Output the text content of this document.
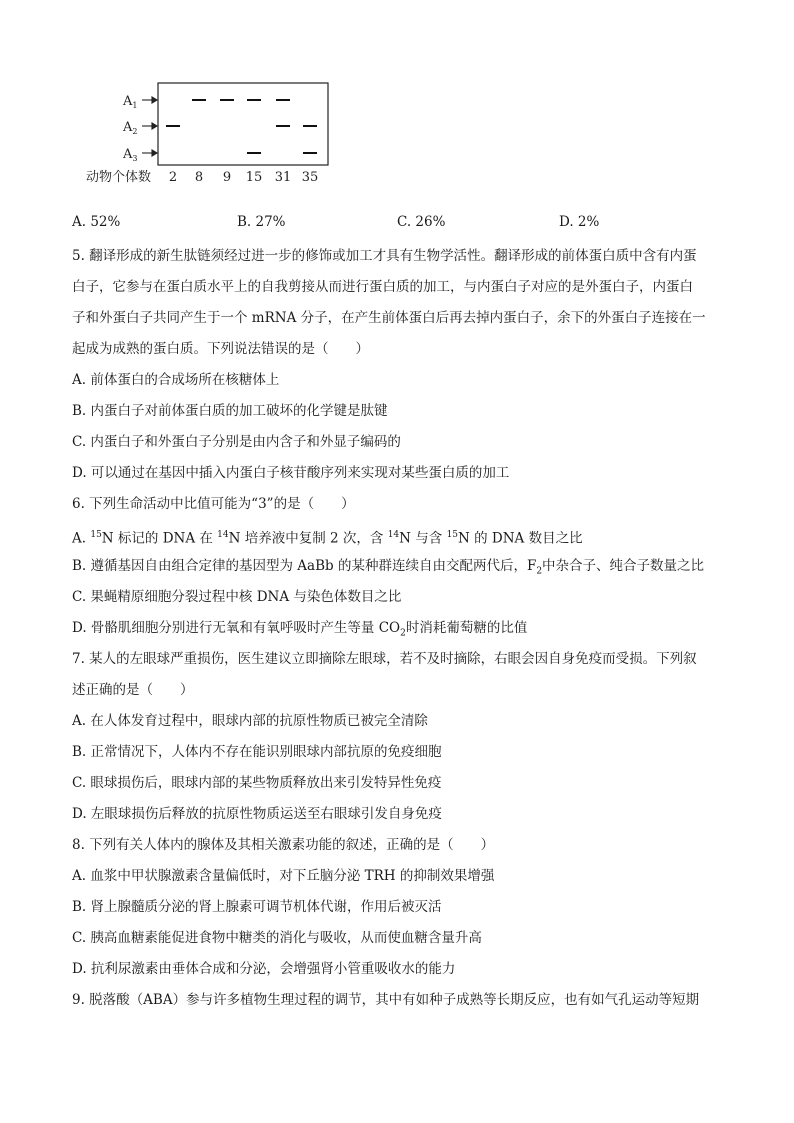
$A_1$
$A_2$
$A_3$
动物个体数 2 8 9 15 31 35
A. 52%	B. 27%	C. 26%	D. 2%
5. 翻译形成的新生肽链须经过进一步的修饰或加工才具有生物学活性。翻译形成的前体蛋白质中含有内蛋
白子，它参与在蛋白质水平上的自我剪接从而进行蛋白质的加工，与内蛋白子对应的是外蛋白子，内蛋白
子和外蛋白子共同产生于一个 mRNA 分子，在产生前体蛋白后再去掉内蛋白子，余下的外蛋白子连接在一
起成为成熟的蛋白质。下列说法错误的是（　　）
A. 前体蛋白的合成场所在核糖体上
B. 内蛋白子对前体蛋白质的加工破坏的化学键是肽键
C. 内蛋白子和外蛋白子分别是由内含子和外显子编码的
D. 可以通过在基因中插入内蛋白子核苷酸序列来实现对某些蛋白质的加工
6. 下列生命活动中比值可能为“3”的是（　　）
A. $^{15}$N 标记的 DNA 在 $^{14}$N 培养液中复制 2 次，含 $^{14}$N 与含 $^{15}$N 的 DNA 数目之比
B. 遵循基因自由组合定律的基因型为 AaBb 的某种群连续自由交配两代后，$F_2$中杂合子、纯合子数量之比
C. 果蝇精原细胞分裂过程中核 DNA 与染色体数目之比
D. 骨骼肌细胞分别进行无氧和有氧呼吸时产生等量 $CO_2$时消耗葡萄糖的比值
7. 某人的左眼球严重损伤，医生建议立即摘除左眼球，若不及时摘除，右眼会因自身免疫而受损。下列叙
述正确的是（　　）
A. 在人体发育过程中，眼球内部的抗原性物质已被完全清除
B. 正常情况下，人体内不存在能识别眼球内部抗原的免疫细胞
C. 眼球损伤后，眼球内部的某些物质释放出来引发特异性免疫
D. 左眼球损伤后释放的抗原性物质运送至右眼球引发自身免疫
8. 下列有关人体内的腺体及其相关激素功能的叙述，正确的是（　　）
A. 血浆中甲状腺激素含量偏低时，对下丘脑分泌 TRH 的抑制效果增强
B. 肾上腺髓质分泌的肾上腺素可调节机体代谢，作用后被灭活
C. 胰高血糖素能促进食物中糖类的消化与吸收，从而使血糖含量升高
D. 抗利尿激素由垂体合成和分泌，会增强肾小管重吸收水的能力
9. 脱落酸（ABA）参与许多植物生理过程的调节，其中有如种子成熟等长期反应，也有如气孔运动等短期
